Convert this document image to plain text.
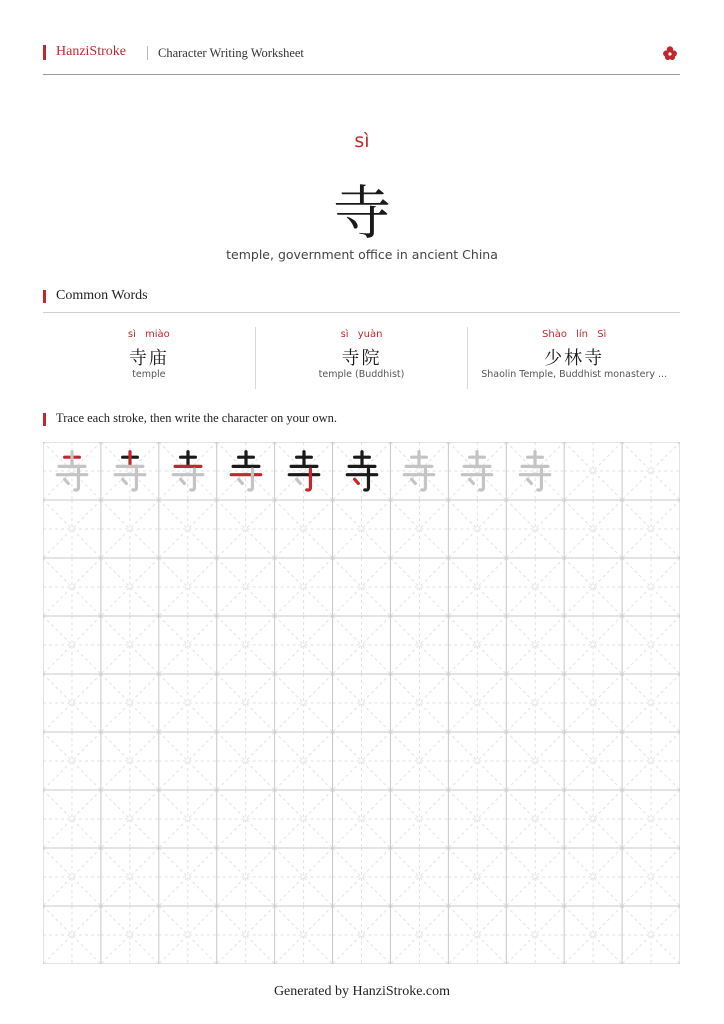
HanziStroke	Character Writing Worksheet
sì
寺
temple, government office in ancient China
Common Words
sì miào
寺庙
temple
sì yuàn
寺院
temple (Buddhist)
Shào lín Sì
少林寺
Shaolin Temple, Buddhist monastery ...
Trace each stroke, then write the character on your own.
Generated by HanziStroke.com
